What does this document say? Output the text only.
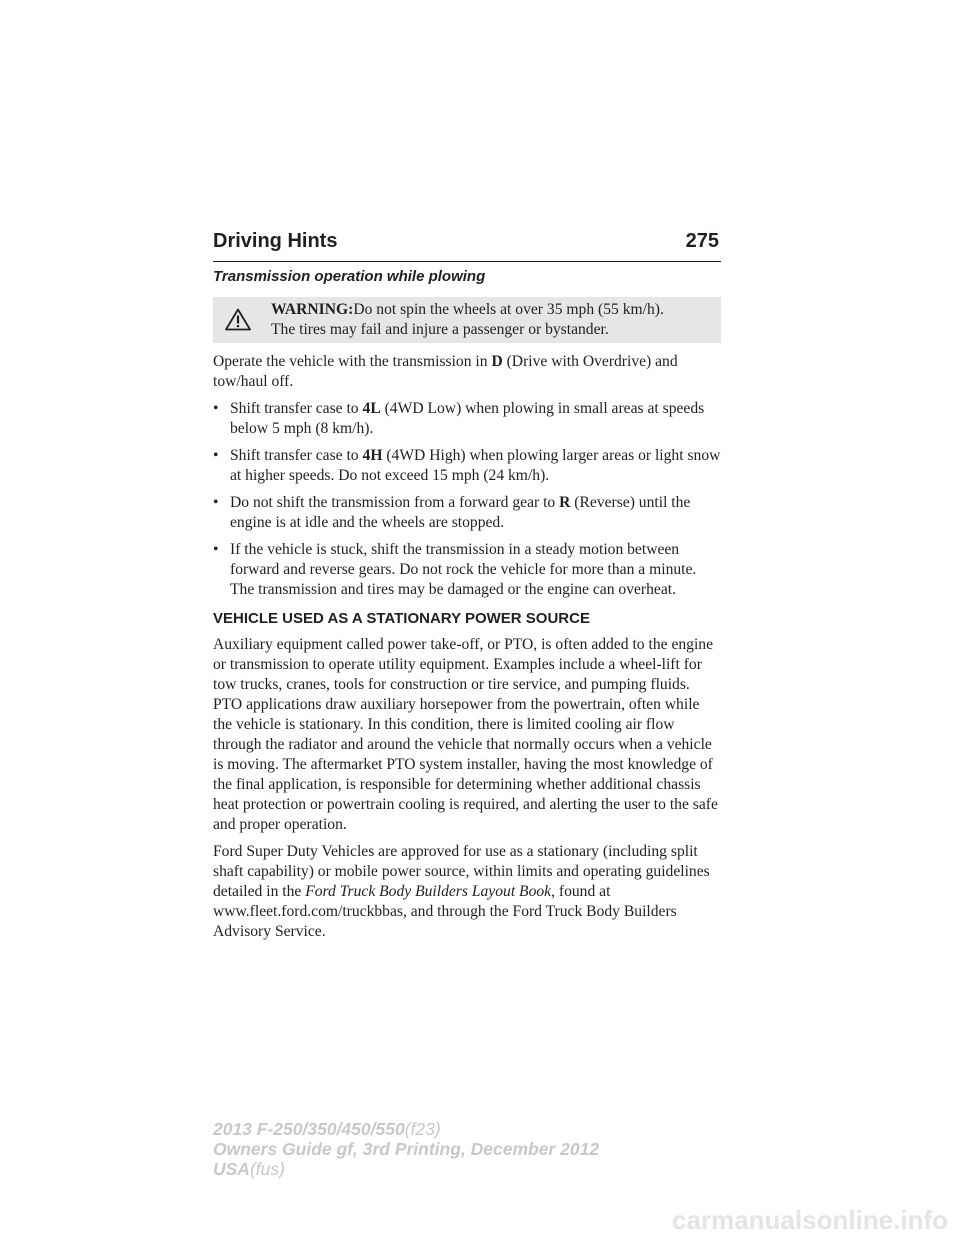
Driving Hints	275
Transmission operation while plowing
WARNING:Do not spin the wheels at over 35 mph (55 km/h).
The tires may fail and injure a passenger or bystander.

Operate the vehicle with the transmission in D (Drive with Overdrive) and tow/haul off.

• Shift transfer case to 4L (4WD Low) when plowing in small areas at speeds below 5 mph (8 km/h).
• Shift transfer case to 4H (4WD High) when plowing larger areas or light snow at higher speeds. Do not exceed 15 mph (24 km/h).
• Do not shift the transmission from a forward gear to R (Reverse) until the engine is at idle and the wheels are stopped.
• If the vehicle is stuck, shift the transmission in a steady motion between forward and reverse gears. Do not rock the vehicle for more than a minute. The transmission and tires may be damaged or the engine can overheat.
VEHICLE USED AS A STATIONARY POWER SOURCE

Auxiliary equipment called power take-off, or PTO, is often added to the engine or transmission to operate utility equipment. Examples include a wheel-lift for tow trucks, cranes, tools for construction or tire service, and pumping fluids. PTO applications draw auxiliary horsepower from the powertrain, often while the vehicle is stationary. In this condition, there is limited cooling air flow through the radiator and around the vehicle that normally occurs when a vehicle is moving. The aftermarket PTO system installer, having the most knowledge of the final application, is responsible for determining whether additional chassis heat protection or powertrain cooling is required, and alerting the user to the safe and proper operation.

Ford Super Duty Vehicles are approved for use as a stationary (including split shaft capability) or mobile power source, within limits and operating guidelines detailed in the Ford Truck Body Builders Layout Book, found at www.fleet.ford.com/truckbbas, and through the Ford Truck Body Builders Advisory Service.

2013 F-250/350/450/550(f23)
Owners Guide gf, 3rd Printing, December 2012
USA(fus)
carmanualsonline.info
